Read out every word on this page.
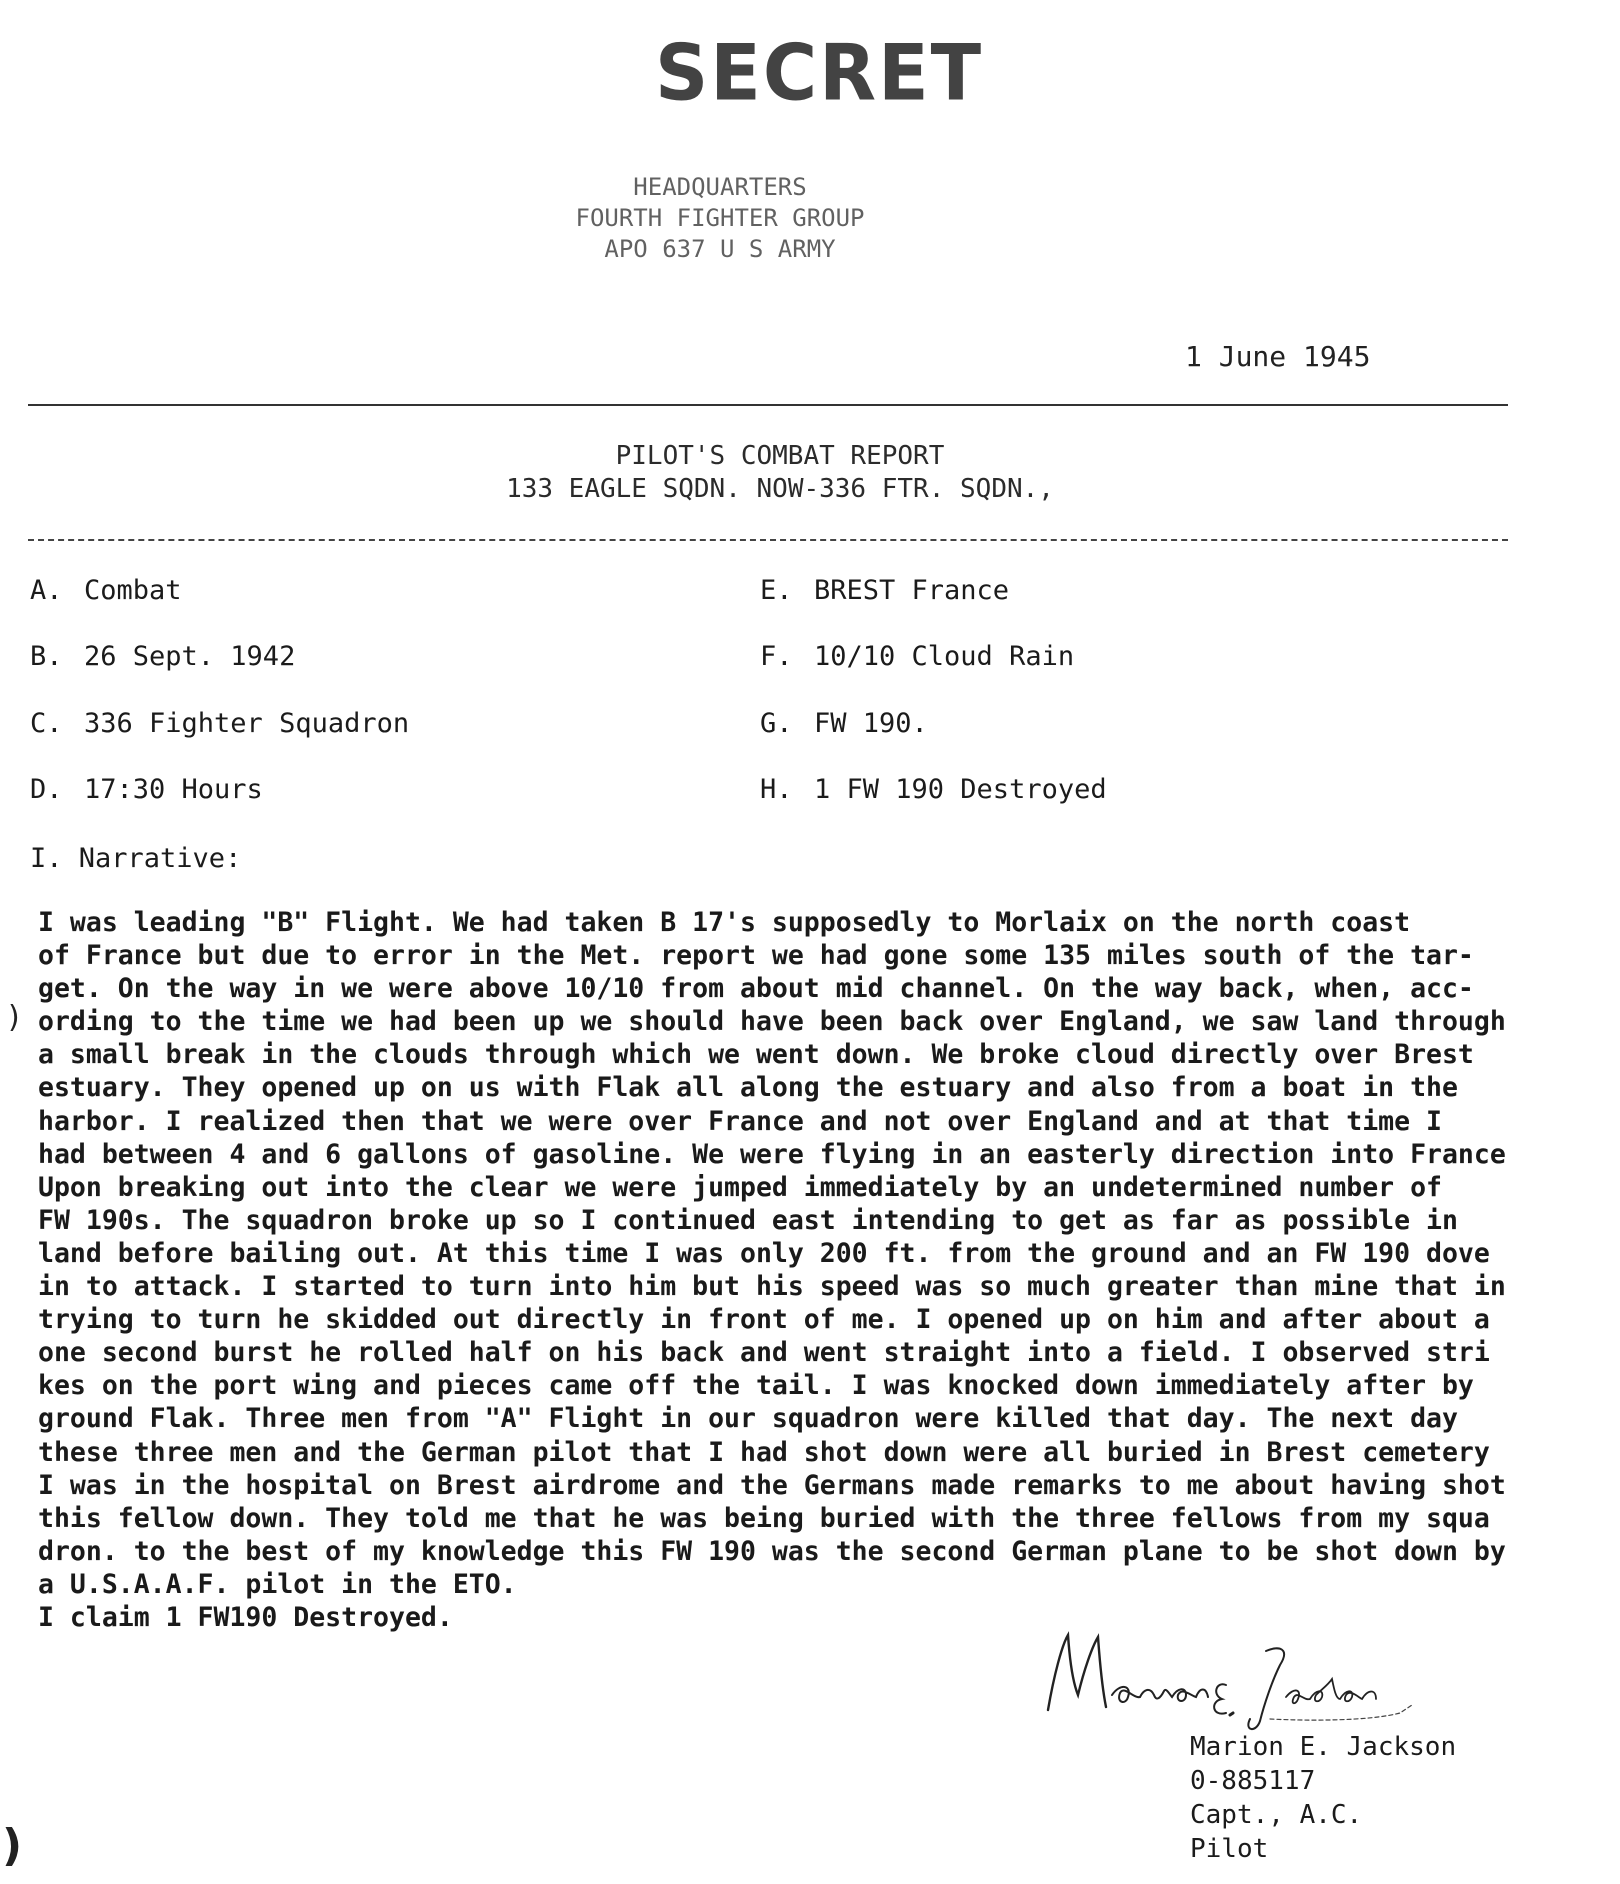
SECRET
HEADQUARTERS
FOURTH FIGHTER GROUP
APO 637 U S ARMY
1 June 1945
PILOT'S COMBAT REPORT
133 EAGLE SQDN. NOW-336 FTR. SQDN.,
A. Combat
B. 26 Sept. 1942
C. 336 Fighter Squadron
D. 17:30 Hours
E. BREST France
F. 10/10 Cloud Rain
G. FW 190.
H. 1 FW 190 Destroyed
I. Narrative:
I was leading "B" Flight. We had taken B 17's supposedly to Morlaix on the north coast
of France but due to error in the Met. report we had gone some 135 miles south of the tar-
get. On the way in we were above 10/10 from about mid channel. On the way back, when, acc-
ording to the time we had been up we should have been back over England, we saw land through
a small break in the clouds through which we went down. We broke cloud directly over Brest
estuary. They opened up on us with Flak all along the estuary and also from a boat in the
harbor. I realized then that we were over France and not over England and at that time I
had between 4 and 6 gallons of gasoline. We were flying in an easterly direction into France
Upon breaking out into the clear we were jumped immediately by an undetermined number of
FW 190s. The squadron broke up so I continued east intending to get as far as possible in
land before bailing out. At this time I was only 200 ft. from the ground and an FW 190 dove
in to attack. I started to turn into him but his speed was so much greater than mine that in
trying to turn he skidded out directly in front of me. I opened up on him and after about a
one second burst he rolled half on his back and went straight into a field. I observed stri
kes on the port wing and pieces came off the tail. I was knocked down immediately after by
ground Flak. Three men from "A" Flight in our squadron were killed that day. The next day
these three men and the German pilot that I had shot down were all buried in Brest cemetery
I was in the hospital on Brest airdrome and the Germans made remarks to me about having shot
this fellow down. They told me that he was being buried with the three fellows from my squa
dron. to the best of my knowledge this FW 190 was the second German plane to be shot down by
a U.S.A.A.F. pilot in the ETO.
I claim 1 FW190 Destroyed.
Marion E. Jackson
0-885117
Capt., A.C.
Pilot
)
)
